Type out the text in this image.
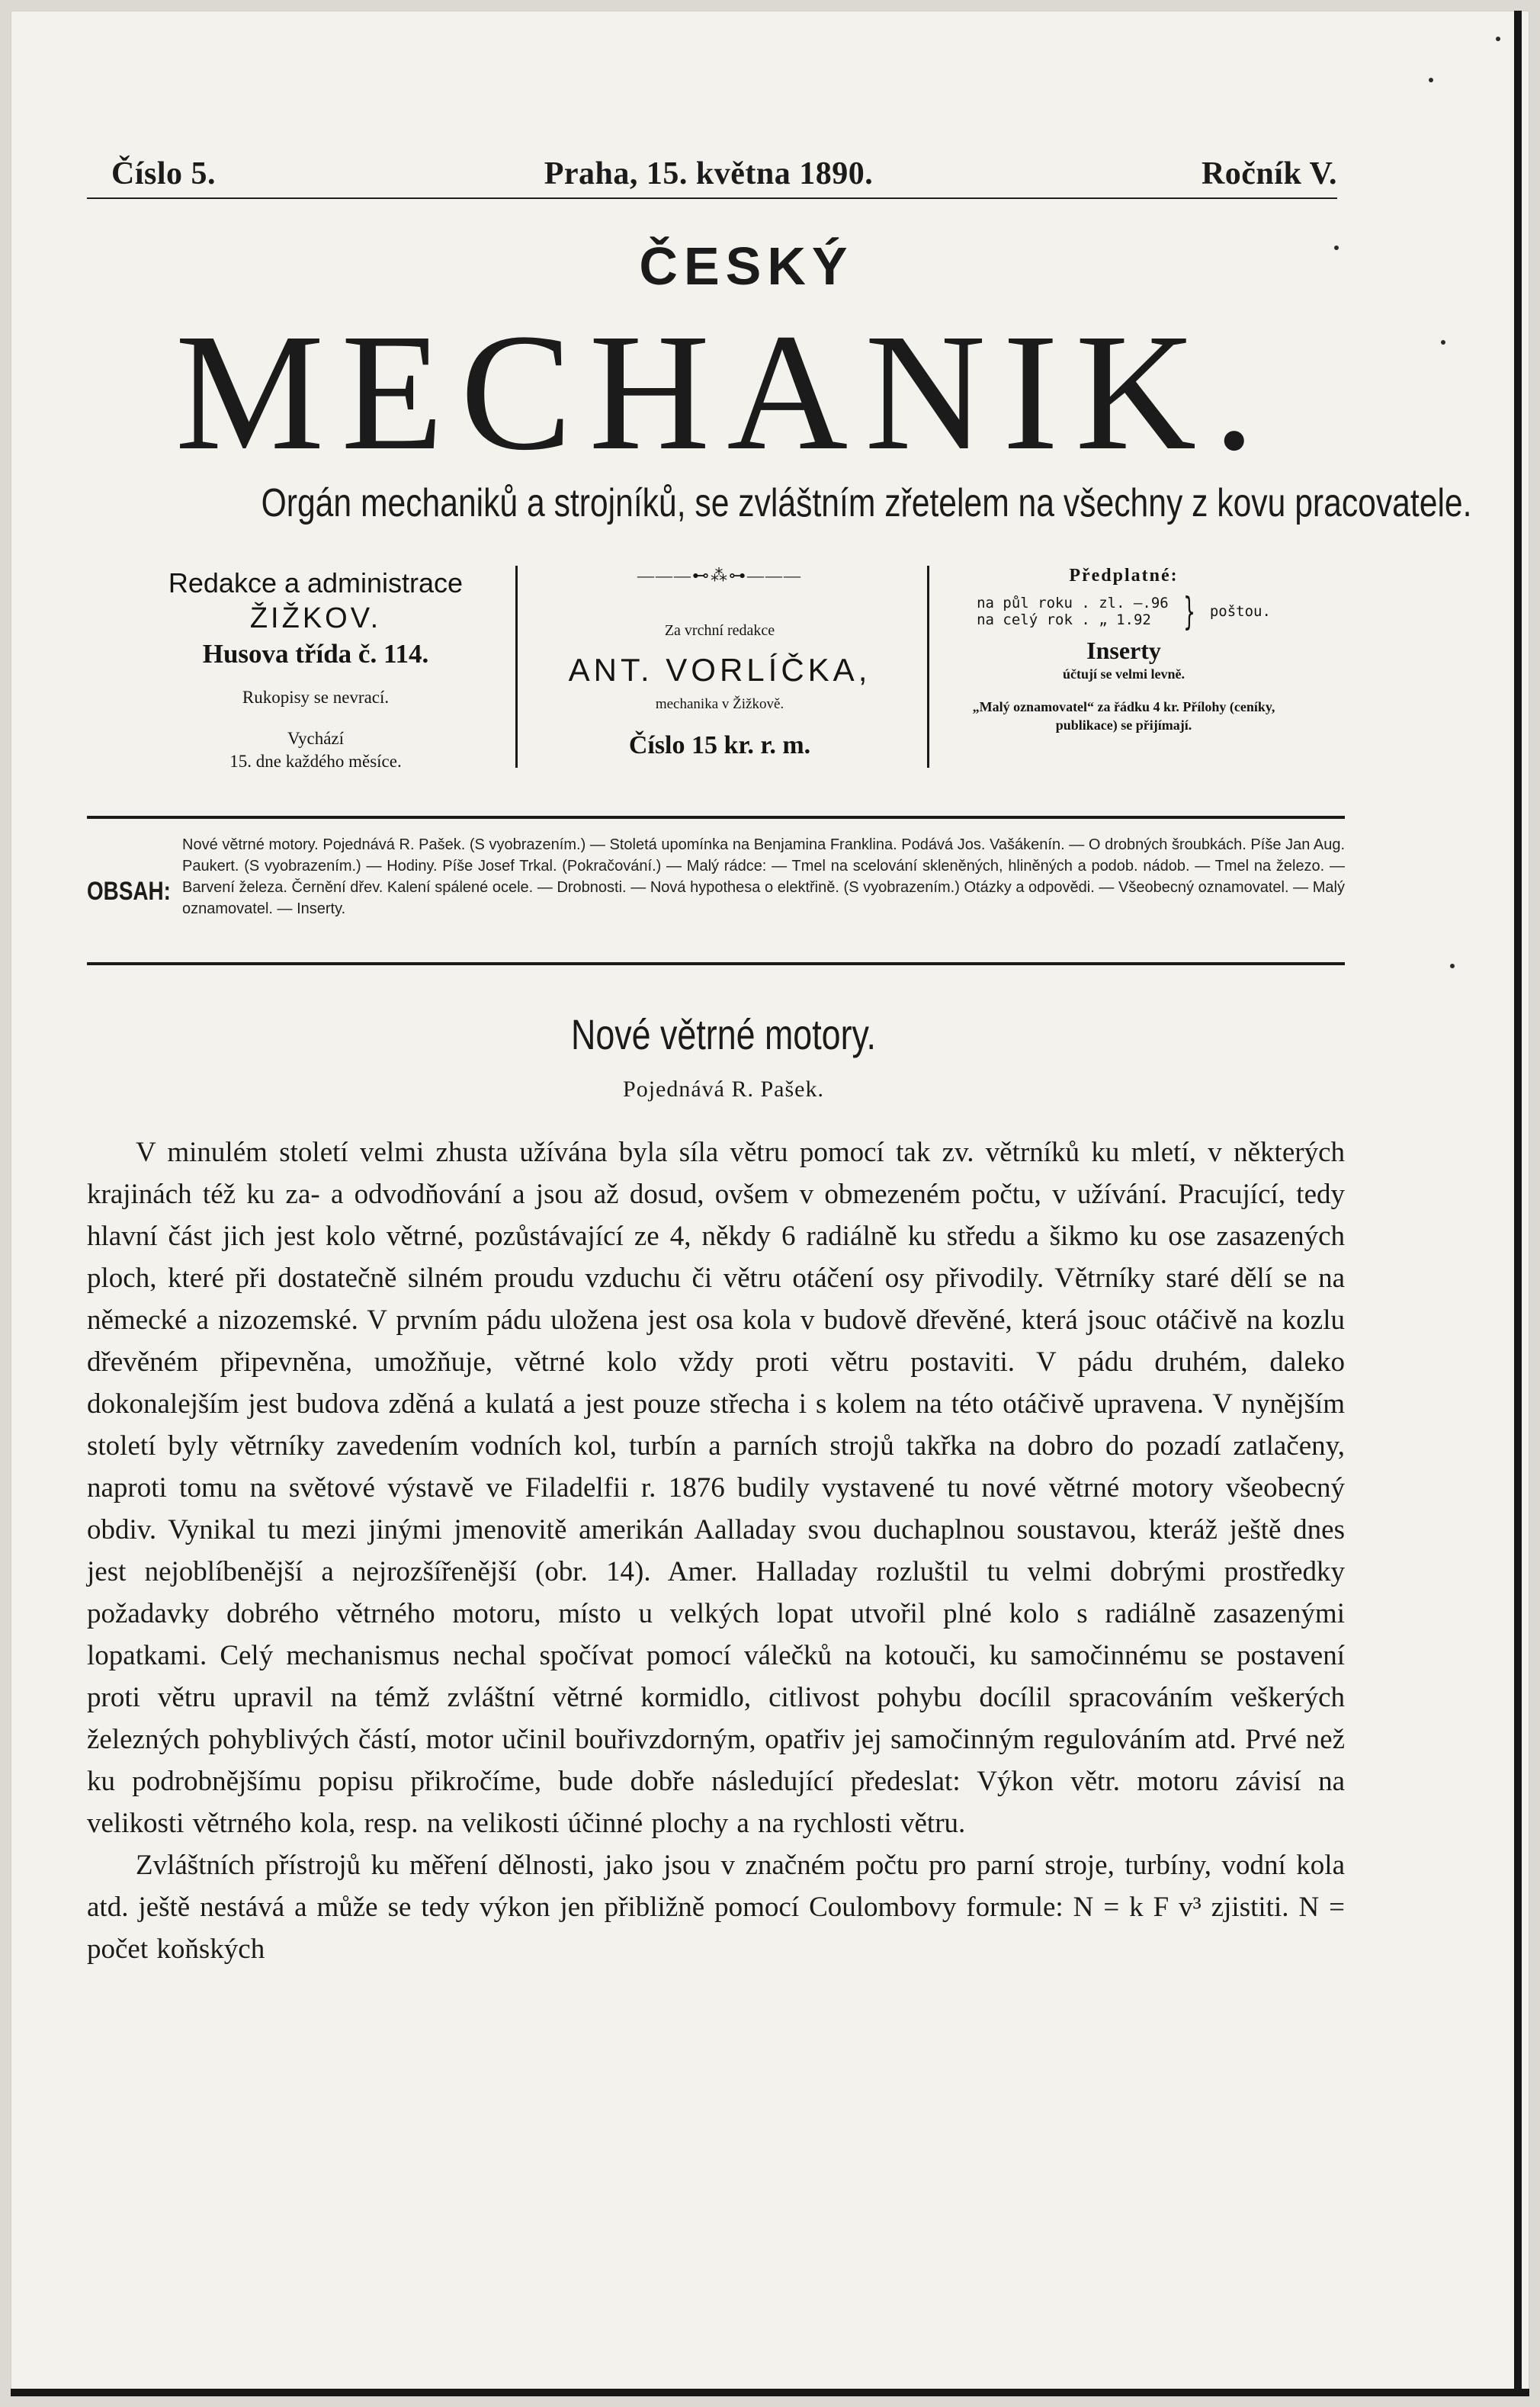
Číslo 5.	Praha, 15. května 1890.	Ročník V.
ČESKÝ
MECHANIK.
Orgán mechaniků a strojníků, se zvláštním zřetelem na všechny z kovu pracovatele.
Redakce a administrace
ŽIŽKOV.
Husova třída č. 114.
Rukopisy se nevrací.
Vychází
15. dne každého měsíce.
———⊷⁂⊶———
Za vrchní redakce
ANT. VORLÍČKA,
mechanika v Žižkově.
Číslo 15 kr. r. m.
Předplatné:
na půl roku . zl. —.96
na celý rok . „ 1.92 } poštou.
Inserty
účtují se velmi levně.
„Malý oznamovatel“ za řádku 4 kr. Přílohy (ceníky, publikace) se přijímají.
OBSAH:
Nové větrné motory. Pojednává R. Pašek. (S vyobrazením.) — Stoletá upomínka na Benjamina Franklina. Podává Jos. Vašákenín. — O drobných šroubkách. Píše Jan Aug. Paukert. (S vyobrazením.) — Hodiny. Píše Josef Trkal. (Pokračování.) — Malý rádce: — Tmel na scelování skleněných, hliněných a podob. nádob. — Tmel na železo. — Barvení železa. Černění dřev. Kalení spálené ocele. — Drobnosti. — Nová hypothesa o elektřině. (S vyobrazením.) Otázky a odpovědi. — Všeobecný oznamovatel. — Malý oznamovatel. — Inserty.
Nové větrné motory.
Pojednává R. Pašek.

V minulém století velmi zhusta užívána byla síla větru pomocí tak zv. větrníků ku mletí, v některých krajinách též ku za- a odvodňování a jsou až dosud, ovšem v obmezeném počtu, v užívání. Pracující, tedy hlavní část jich jest kolo větrné, pozůstávající ze 4, někdy 6 radiálně ku středu a šikmo ku ose zasazených ploch, které při dostatečně silném proudu vzduchu či větru otáčení osy přivodily. Větrníky staré dělí se na německé a nizozemské. V prvním pádu uložena jest osa kola v budově dřevěné, která jsouc otáčivě na kozlu dřevěném připevněna, umožňuje, větrné kolo vždy proti větru postaviti. V pádu druhém, daleko dokonalejším jest budova zděná a kulatá a jest pouze střecha i s kolem na této otáčivě upravena. V nynějším století byly větrníky zavedením vodních kol, turbín a parních strojů takřka na dobro do pozadí zatlačeny, naproti tomu na světové výstavě ve Filadelfii r. 1876 budily vystavené tu nové větrné motory všeobecný obdiv. Vynikal tu mezi jinými jmenovitě amerikán Aalladay svou duchaplnou soustavou, kteráž ještě dnes jest nejoblíbenější a nejrozšířenější (obr. 14). Amer. Halladay rozluštil tu velmi dobrými prostředky požadavky dobrého větrného motoru, místo u velkých lopat utvořil plné kolo s radiálně zasazenými lopatkami. Celý mechanismus nechal spočívat pomocí válečků na kotouči, ku samočinnému se postavení proti větru upravil na témž zvláštní větrné kormidlo, citlivost pohybu docílil spracováním veškerých železných pohyblivých částí, motor učinil bouřivzdorným, opatřiv jej samočinným regulováním atd. Prvé než ku podrobnějšímu popisu přikročíme, bude dobře následující předeslat: Výkon větr. motoru závisí na velikosti větrného kola, resp. na velikosti účinné plochy a na rychlosti větru.

Zvláštních přístrojů ku měření dělnosti, jako jsou v značném počtu pro parní stroje, turbíny, vodní kola atd. ještě nestává a může se tedy výkon jen přibližně pomocí Coulombovy formule: N = k F v³ zjistiti. N = počet koňských
